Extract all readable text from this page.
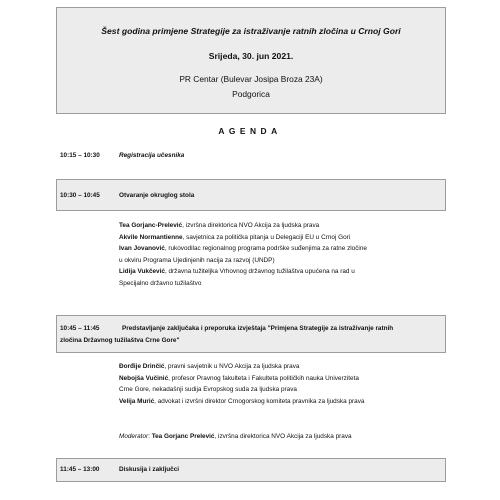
Šest godina primjene Strategije za istraživanje ratnih zločina u Crnoj Gori
Srijeda, 30. jun 2021.
PR Centar (Bulevar Josipa Broza 23A)
Podgorica
AGENDA
10:15 – 10:30	Registracija učesnika
10:30 – 10:45	Otvaranje okruglog stola

Tea Gorjanc-Prelević, izvršna direktorica NVO Akcija za ljudska prava

Akvile Normantienne, savjetnica za politička pitanja u Delegaciji EU u Crnoj Gori

Ivan Jovanović, rukovodilac regionalnog programa podrške suđenjima za ratne zločine

u okviru Programa Ujedinjenih nacija za razvoj (UNDP)

Lidija Vukčević, državna tužiteljka Vrhovnog državnog tužilaštva upućena na rad u

Specijalno državno tužilaštvo

10:45 – 11:45	Predstavljanje zaključaka i preporuka izvještaja "Primjena Strategije za istraživanje ratnih
zločina Državnog tužilaštva Crne Gore"

Đorđije Drinčić, pravni savjetnik u NVO Akcija za ljudska prava

Nebojša Vučinić, profesor Pravnog fakulteta i Fakulteta političkih nauka Univerziteta

Crne Gore, nekadašnji sudija Evropskog suda za ljudska prava

Velija Murić, advokat i izvršni direktor Crnogorskog komiteta pravnika za ljudska prava

Moderator: Tea Gorjanc Prelević, izvršna direktorica NVO Akcija za ljudska prava
11:45 – 13:00	Diskusija i zaključci
